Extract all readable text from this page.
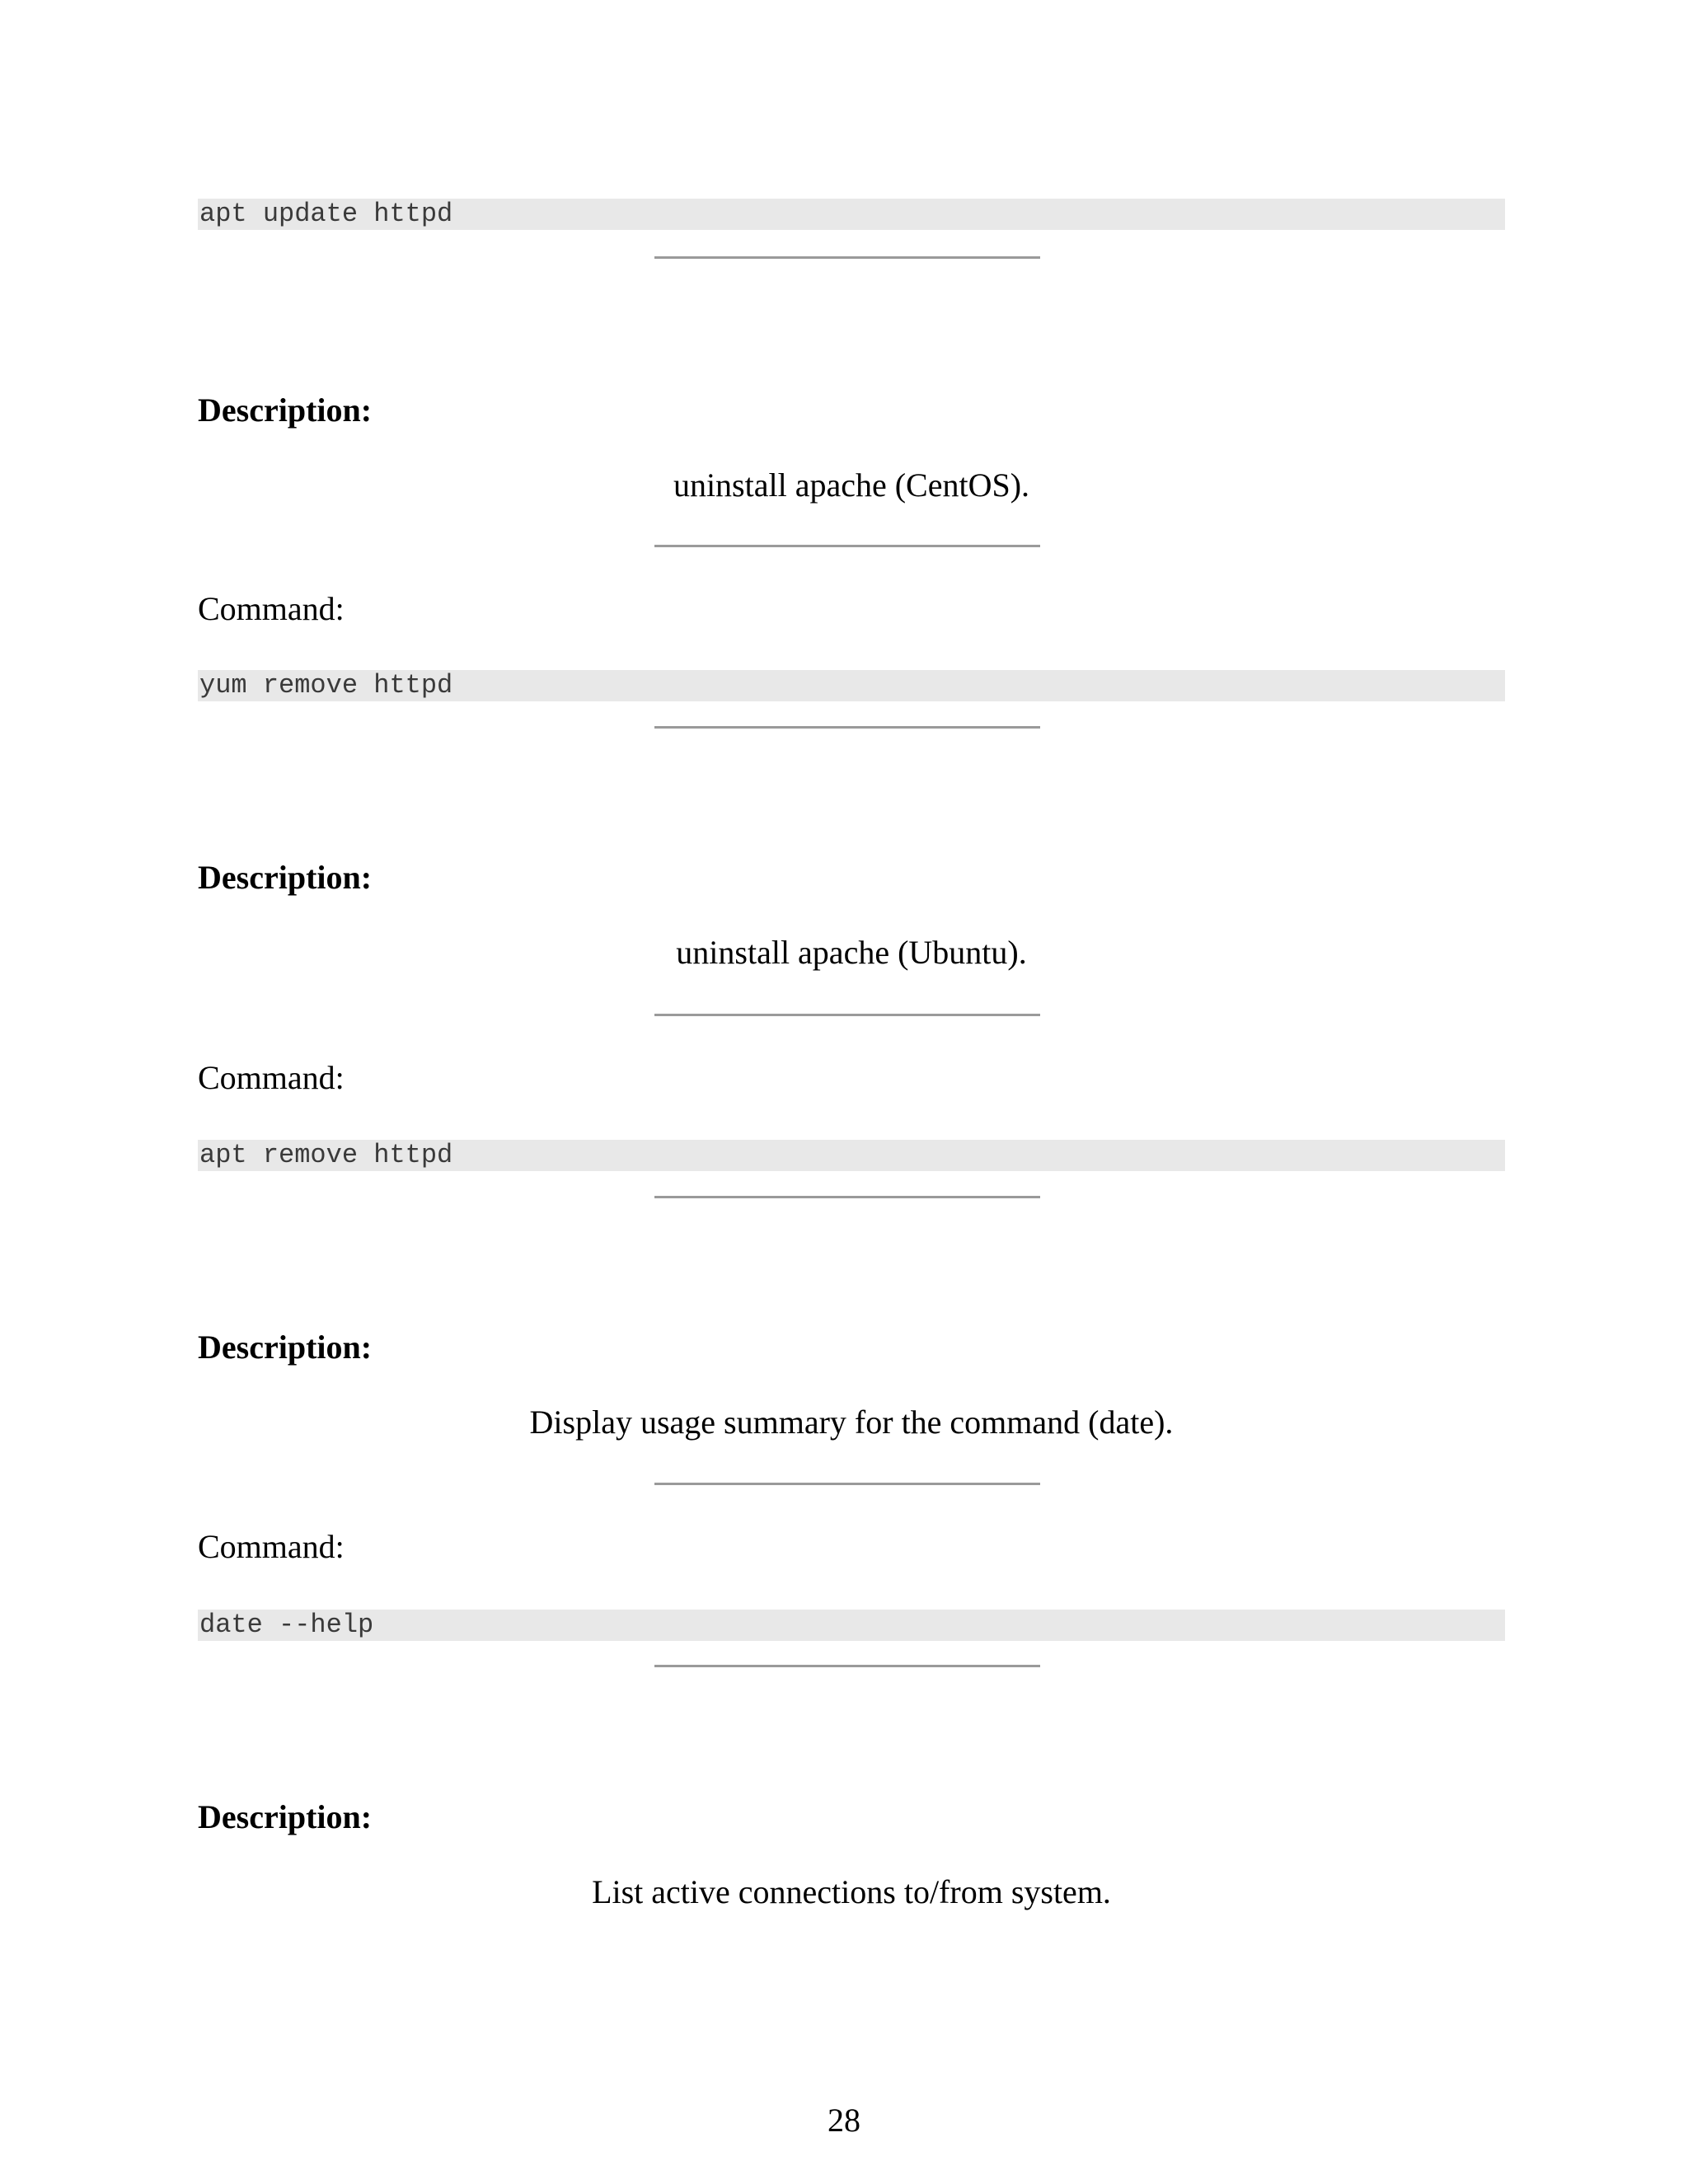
apt update httpd
Description:
uninstall apache (CentOS).
Command:
yum remove httpd
Description:
uninstall apache (Ubuntu).
Command:
apt remove httpd
Description:
Display usage summary for the command (date).
Command:
date --help
Description:
List active connections to/from system.
28
